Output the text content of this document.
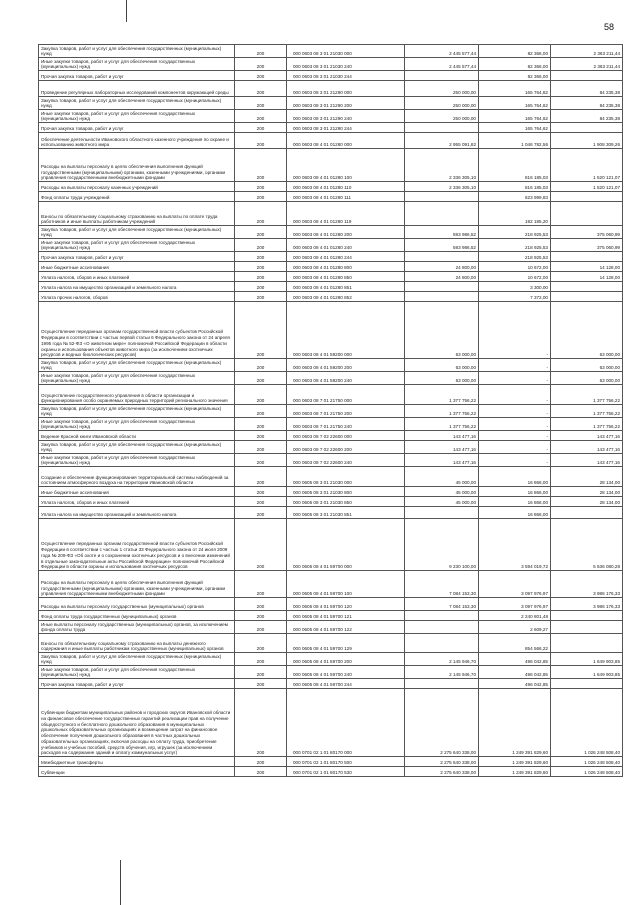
58
Закупка товаров, работ и услуг для обеспечения государственных (муниципальных) нужд	200	000 0603 08 3 01 21030 000	2 445 577,44	82 366,00	2 363 211,44
Иные закупки товаров, работ и услуг для обеспечения государственных (муниципальных) нужд	200	000 0603 08 3 01 21030 240	2 445 577,44	82 366,00	2 363 211,44
Прочая закупка товаров, работ и услуг	200	000 0603 08 3 01 21030 244		82 366,00	
Проведение регулярных лабораторных исследований компонентов окружающей среды	200	000 0603 08 3 01 21290 000	250 000,00	165 764,62	84 235,38
Закупка товаров, работ и услуг для обеспечения государственных (муниципальных) нужд	200	000 0603 08 3 01 21290 200	250 000,00	165 764,62	84 235,38
Иные закупки товаров, работ и услуг для обеспечения государственных (муниципальных) нужд	200	000 0603 08 3 01 21290 240	250 000,00	165 764,62	84 235,38
Прочая закупка товаров, работ и услуг	200	000 0603 08 3 01 21290 244		165 764,62	
Обеспечение деятельности Ивановского областного казенного учреждения по охране и использованию животного мира	200	000 0603 08 4 01 01280 000	2 955 091,82	1 046 782,56	1 908 309,26
Расходы на выплаты персоналу в целях обеспечения выполнения функций государственными (муниципальными) органами, казенными учреждениями, органами управления государственными внебюджетными фондами	200	000 0603 08 4 01 01280 100	2 336 305,10	816 185,03	1 520 121,07
Расходы на выплаты персоналу казенных учреждений	200	000 0603 08 4 01 01280 110	2 336 305,10	816 185,03	1 520 121,07
Фонд оплаты труда учреждений	200	000 0603 08 4 01 01280 111		623 999,83	
Взносы по обязательному социальному страхованию на выплаты по оплате труда работников и иные выплаты работникам учреждений	200	000 0603 08 4 01 01280 119		192 185,20	
Закупка товаров, работ и услуг для обеспечения государственных (муниципальных) нужд	200	000 0603 08 4 01 01280 200	593 986,52	218 925,53	375 060,99
Иные закупки товаров, работ и услуг для обеспечения государственных (муниципальных) нужд	200	000 0603 08 4 01 01280 240	593 986,52	218 925,53	375 060,99
Прочая закупка товаров, работ и услуг	200	000 0603 08 4 01 01280 244		218 925,53	
Иные бюджетные ассигнования	200	000 0603 08 4 01 01280 800	24 800,00	10 672,00	14 128,00
Уплата налогов, сборов и иных платежей	200	000 0603 08 4 01 01280 850	24 800,00	10 672,00	14 128,00
Уплата налога на имущество организаций и земельного налога	200	000 0603 08 4 01 01280 851		3 300,00	
Уплата прочих налогов, сборов	200	000 0603 08 4 01 01280 852		7 372,00	
Осуществление переданных органам государственной власти субъектов Российской Федерации в соответствии с частью первой статьи 6 Федерального закона от 24 апреля 1995 года № 52-ФЗ «О животном мире» полномочий Российской Федерации в области охраны и использования объектов животного мира (за исключением охотничьих ресурсов и водных биологических ресурсов)	200	000 0603 08 4 01 59200 000	63 000,00	-	63 000,00
Закупка товаров, работ и услуг для обеспечения государственных (муниципальных) нужд	200	000 0603 08 4 01 59200 200	63 000,00	-	63 000,00
Иные закупки товаров, работ и услуг для обеспечения государственных (муниципальных) нужд	200	000 0603 08 4 01 59200 240	63 000,00	-	63 000,00
Осуществление государственного управления в области организации и функционирования особо охраняемых природных территорий регионального значения	200	000 0603 08 7 01 21750 000	1 377 756,22	-	1 377 756,22
Закупка товаров, работ и услуг для обеспечения государственных (муниципальных) нужд	200	000 0603 08 7 01 21750 200	1 377 756,22	-	1 377 756,22
Иные закупки товаров, работ и услуг для обеспечения государственных (муниципальных) нужд	200	000 0603 08 7 01 21750 240	1 377 756,22	-	1 377 756,22
Ведение Красной книги Ивановской области	200	000 0603 08 7 02 22600 000	143 477,16	-	143 477,16
Закупка товаров, работ и услуг для обеспечения государственных (муниципальных) нужд	200	000 0603 08 7 02 22600 200	143 477,16	-	143 477,16
Иные закупки товаров, работ и услуг для обеспечения государственных (муниципальных) нужд	200	000 0603 08 7 02 22600 240	143 477,16	-	143 477,16
Создание и обеспечение функционирования территориальной системы наблюдений за состоянием атмосферного воздуха на территории Ивановской области	200	000 0605 08 3 01 21030 000	45 000,00	16 866,00	28 134,00
Иные бюджетные ассигнования	200	000 0605 08 3 01 21030 800	45 000,00	16 866,00	28 134,00
Уплата налогов, сборов и иных платежей	200	000 0605 08 3 01 21030 850	45 000,00	16 866,00	28 134,00
Уплата налога на имущество организаций и земельного налога	200	000 0605 08 3 01 21030 851		16 866,00	
Осуществление переданных органам государственной власти субъектов Российской Федерации в соответствии с частью 1 статьи 33 Федерального закона от 24 июля 2009 года № 209-ФЗ «Об охоте и о сохранении охотничьих ресурсов и о внесении изменений в отдельные законодательные акты Российской Федерации» полномочий Российской Федерации в области охраны и использования охотничьих ресурсов	200	000 0605 08 4 01 59700 000	9 230 100,00	3 594 019,72	5 636 080,28
Расходы на выплаты персоналу в целях обеспечения выполнения функций государственными (муниципальными) органами, казенными учреждениями, органами управления государственными внебюджетными фондами	200	000 0605 08 4 01 59700 100	7 084 153,30	3 097 976,97	3 986 176,33
Расходы на выплаты персоналу государственных (муниципальных) органов	200	000 0605 08 4 01 59700 120	7 084 153,30	3 097 976,97	3 986 176,33
Фонд оплаты труда государственных (муниципальных) органов	200	000 0605 08 4 01 59700 121		2 240 801,48	
Иные выплаты персоналу государственных (муниципальных) органов, за исключением фонда оплаты труда	200	000 0605 08 4 01 59700 122		2 609,27	
Взносы по обязательному социальному страхованию на выплаты денежного содержания и иные выплаты работникам государственных (муниципальных) органов	200	000 0605 08 4 01 59700 129		854 566,22	
Закупка товаров, работ и услуг для обеспечения государственных (муниципальных) нужд	200	000 0605 08 4 01 59700 200	2 145 946,70	496 042,85	1 649 903,85
Иные закупки товаров, работ и услуг для обеспечения государственных (муниципальных) нужд	200	000 0605 08 4 01 59700 240	2 145 946,70	496 042,85	1 649 903,85
Прочая закупка товаров, работ и услуг	200	000 0605 08 4 01 59700 244		496 042,85	
Субвенции бюджетам муниципальных районов и городских округов Ивановской области на финансовое обеспечение государственных гарантий реализации прав на получение общедоступного и бесплатного дошкольного образования в муниципальных дошкольных образовательных организациях и возмещение затрат на финансовое обеспечение получения дошкольного образования в частных дошкольных образовательных организациях, включая расходы на оплату труда, приобретение учебников и учебных пособий, средств обучения, игр, игрушек (за исключением расходов на содержание зданий и оплату коммунальных услуг)	200	000 0701 02 1 01 80170 000	2 275 640 338,00	1 249 391 829,60	1 026 248 508,40
Межбюджетные трансферты	200	000 0701 02 1 01 80170 500	2 275 640 338,00	1 249 391 829,60	1 026 248 508,40
Субвенции	200	000 0701 02 1 01 80170 530	2 275 640 338,00	1 249 391 829,60	1 026 248 508,40
